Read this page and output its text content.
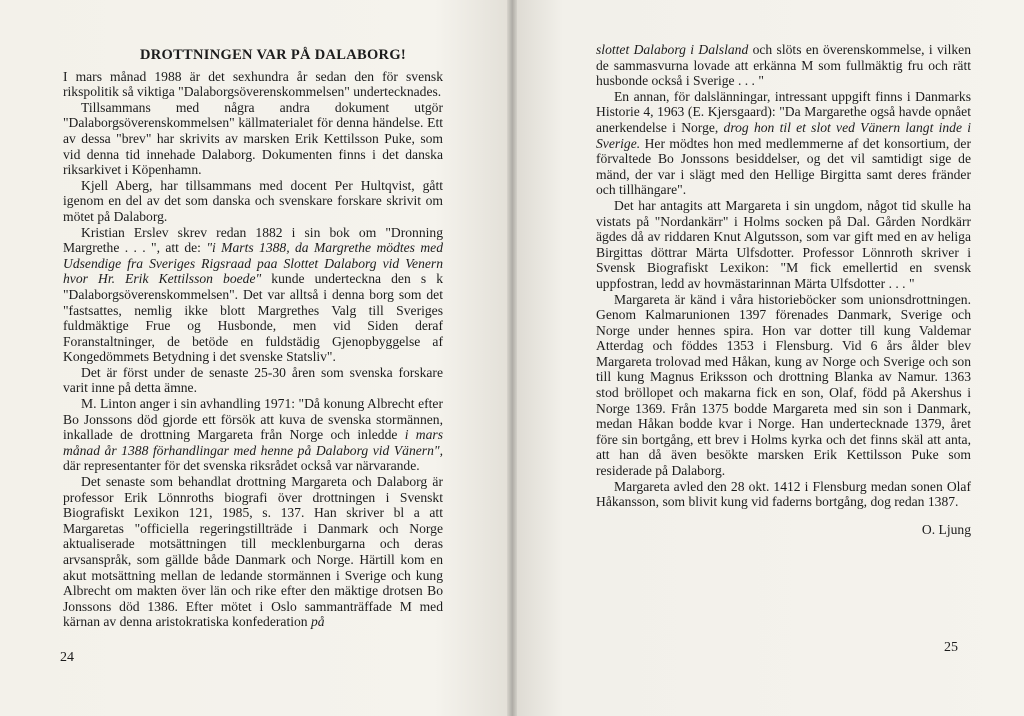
DROTTNINGEN VAR PÅ DALABORG!

I mars månad 1988 är det sexhundra år sedan den för svensk rikspolitik så viktiga "Dalaborgsöverenskommelsen" undertecknades.

Tillsammans med några andra dokument utgör "Dalaborgsöverenskommelsen" källmaterialet för denna händelse. Ett av dessa "brev" har skrivits av marsken Erik Kettilsson Puke, som vid denna tid innehade Dalaborg. Dokumenten finns i det danska riksarkivet i Köpenhamn.

Kjell Aberg, har tillsammans med docent Per Hultqvist, gått igenom en del av det som danska och svenskare forskare skrivit om mötet på Dalaborg.

Kristian Erslev skrev redan 1882 i sin bok om "Dronning Margrethe . . . ", att de: "i Marts 1388, da Margrethe mödtes med Udsendige fra Sveriges Rigsraad paa Slottet Dalaborg vid Venern hvor Hr. Erik Kettilsson boede" kunde underteckna den s k "Dalaborgsöverenskommelsen". Det var alltså i denna borg som det "fastsattes, nemlig ikke blott Margrethes Valg till Sveriges fuldmäktige Frue og Husbonde, men vid Siden deraf Foranstaltninger, de betöde en fuldstädig Gjenopbyggelse af Kongedömmets Betydning i det svenske Statsliv".

Det är först under de senaste 25-30 åren som svenska forskare varit inne på detta ämne.

M. Linton anger i sin avhandling 1971: "Då konung Albrecht efter Bo Jonssons död gjorde ett försök att kuva de svenska stormännen, inkallade de drottning Margareta från Norge och inledde i mars månad år 1388 förhandlingar med henne på Dalaborg vid Vänern", där representanter för det svenska riksrådet också var närvarande.

Det senaste som behandlat drottning Margareta och Dalaborg är professor Erik Lönnroths biografi över drottningen i Svenskt Biografiskt Lexikon 121, 1985, s. 137. Han skriver bl a att Margaretas "officiella regeringstillträde i Danmark och Norge aktualiserade motsättningen till mecklenburgarna och deras arvsanspråk, som gällde både Danmark och Norge. Härtill kom en akut motsättning mellan de ledande stormännen i Sverige och kung Albrecht om makten över län och rike efter den mäktige drotsen Bo Jonssons död 1386. Efter mötet i Oslo sammanträffade M med kärnan av denna aristokratiska konfederation på

24

slottet Dalaborg i Dalsland och slöts en överenskommelse, i vilken de sammasvurna lovade att erkänna M som fullmäktig fru och rätt husbonde också i Sverige . . . "

En annan, för dalslänningar, intressant uppgift finns i Danmarks Historie 4, 1963 (E. Kjersgaard): "Da Margarethe også havde opnået anerkendelse i Norge, drog hon til et slot ved Vänern langt inde i Sverige. Her mödtes hon med medlemmerne af det konsortium, der förvaltede Bo Jonssons besiddelser, og det vil samtidigt sige de mänd, der var i slägt med den Hellige Birgitta samt deres fränder och tillhängare".

Det har antagits att Margareta i sin ungdom, något tid skulle ha vistats på "Nordankärr" i Holms socken på Dal. Gården Nordkärr ägdes då av riddaren Knut Algutsson, som var gift med en av heliga Birgittas döttrar Märta Ulfsdotter. Professor Lönnroth skriver i Svensk Biografiskt Lexikon: "M fick emellertid en svensk uppfostran, ledd av hovmästarinnan Märta Ulfsdotter . . . "

Margareta är känd i våra historieböcker som unionsdrottningen. Genom Kalmarunionen 1397 förenades Danmark, Sverige och Norge under hennes spira. Hon var dotter till kung Valdemar Atterdag och föddes 1353 i Flensburg. Vid 6 års ålder blev Margareta trolovad med Håkan, kung av Norge och Sverige och son till kung Magnus Eriksson och drottning Blanka av Namur. 1363 stod bröllopet och makarna fick en son, Olaf, född på Akershus i Norge 1369. Från 1375 bodde Margareta med sin son i Danmark, medan Håkan bodde kvar i Norge. Han undertecknade 1379, året före sin bortgång, ett brev i Holms kyrka och det finns skäl att anta, att han då även besökte marsken Erik Kettilsson Puke som residerade på Dalaborg.

Margareta avled den 28 okt. 1412 i Flensburg medan sonen Olaf Håkansson, som blivit kung vid faderns bortgång, dog redan 1387.

O. Ljung
25
